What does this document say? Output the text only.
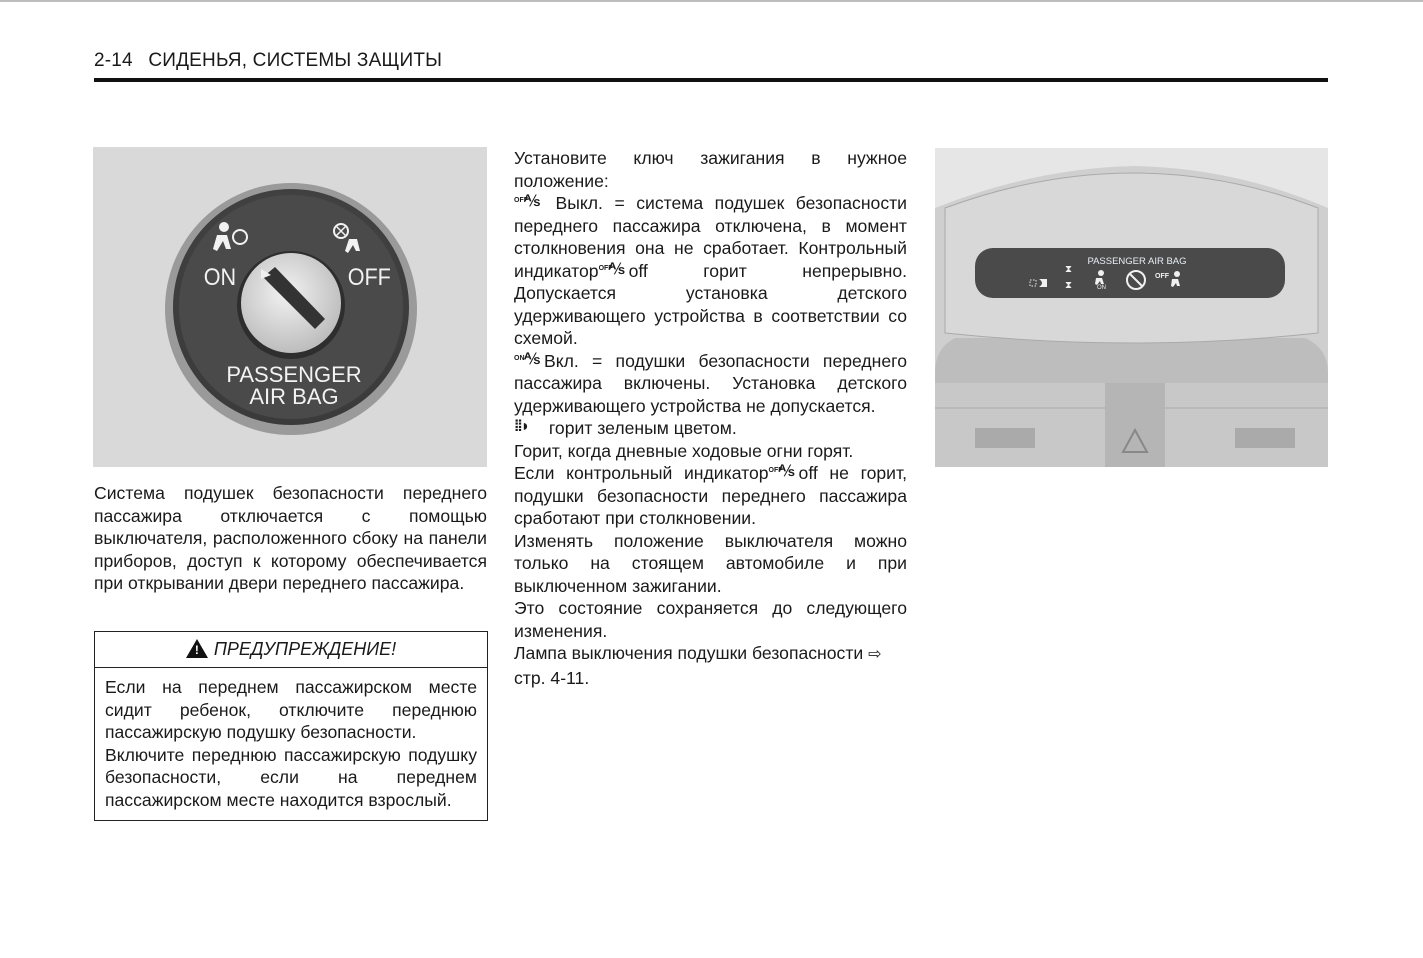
2-14 СИДЕНЬЯ, СИСТЕМЫ ЗАЩИТЫ
ON	OFF
PASSENGER
AIR BAG
PASSENGER AIR BAG
⧗
⧗	ON
OFF

Система подушек безопасности переднего пассажира отключается с помощью выключателя, расположенного сбоку на панели приборов, доступ к которому обеспечивается при открывании двери переднего пассажира.

!ПРЕДУПРЕЖДЕНИЕ!

Если на переднем пассажирском месте сидит ребенок, отключите переднюю пассажирскую подушку безопасности.

Включите переднюю пассажирскую подушку безопасности, если на переднем пассажирском месте находится взрослый.

Установите ключ зажигания в нужное положение:

OFF
⅍ Выкл. = система подушек безопасности переднего пассажира отключена, в момент столкновения она не сработает. Контрольный индикатор OFF
⅍ off горит непрерывно. Допускается установка детского удерживающего устройства в соответствии со схемой.

ON ⅍ Вкл. = подушки безопасности переднего пассажира включены. Установка детского удерживающего устройства не допускается.

⁞⁞◗ горит зеленым цветом.

Горит, когда дневные ходовые огни горят.

Если контрольный индикатор OFF
⅍ off не горит, подушки безопасности переднего пассажира сработают при столкновении.

Изменять положение выключателя можно только на стоящем автомобиле и при выключенном зажигании.

Это состояние сохраняется до следующего изменения.

Лампа выключения подушки безопасности ⇨
стр. 4-11.
